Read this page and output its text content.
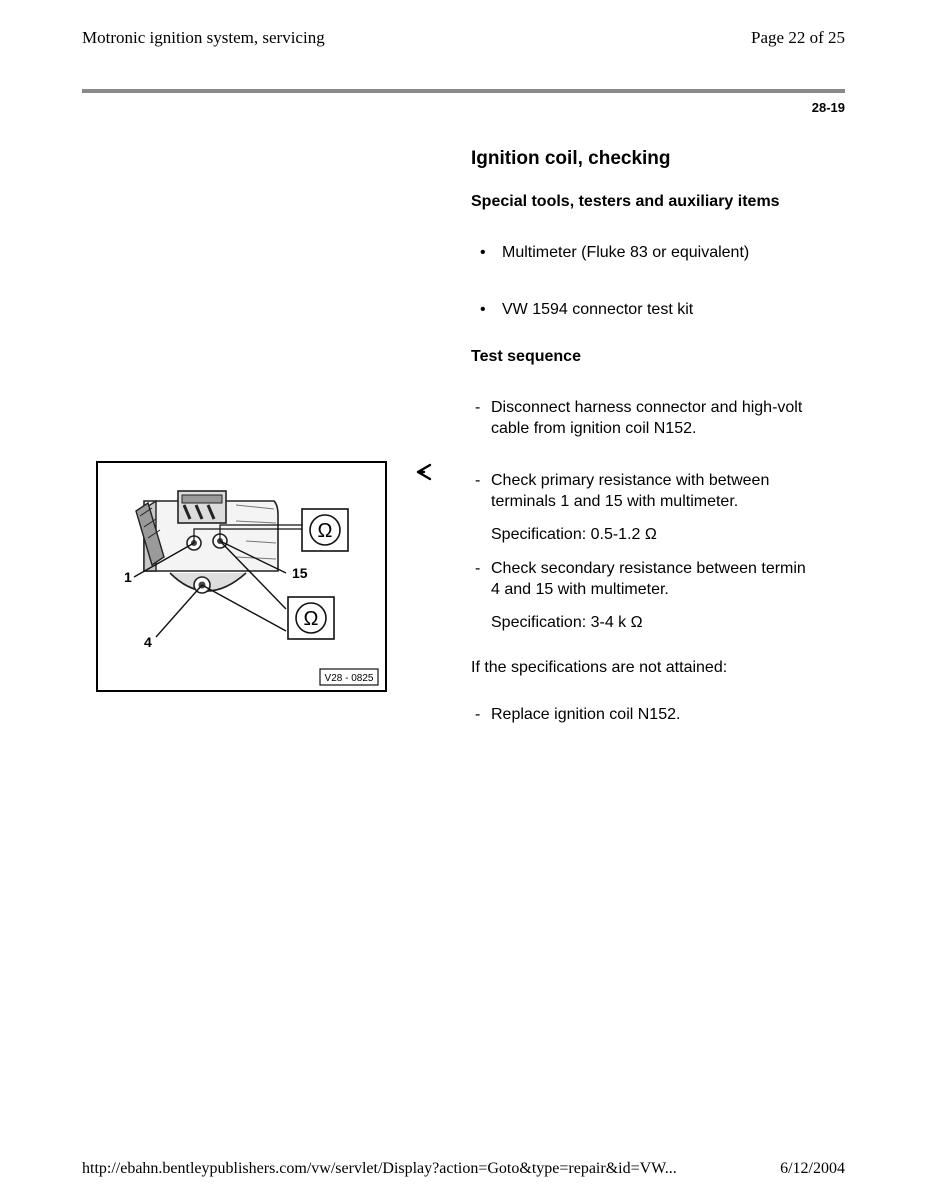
Motronic ignition system, servicing	Page 22 of 25
28-19
Ignition coil, checking
Special tools, testers and auxiliary items
• Multimeter (Fluke 83 or equivalent)
• VW 1594 connector test kit
Test sequence
- Disconnect harness connector and high-volt
cable from ignition coil N152.
- Check primary resistance with between
terminals 1 and 15 with multimeter.
Specification: 0.5-1.2 Ω
- Check secondary resistance between termin
4 and 15 with multimeter.
Specification: 3-4 k Ω
If the specifications are not attained:
- Replace ignition coil N152.
Ω
Ω
1	15
4
V28 - 0825
http://ebahn.bentleypublishers.com/vw/servlet/Display?action=Goto&type=repair&id=VW...	6/12/2004
